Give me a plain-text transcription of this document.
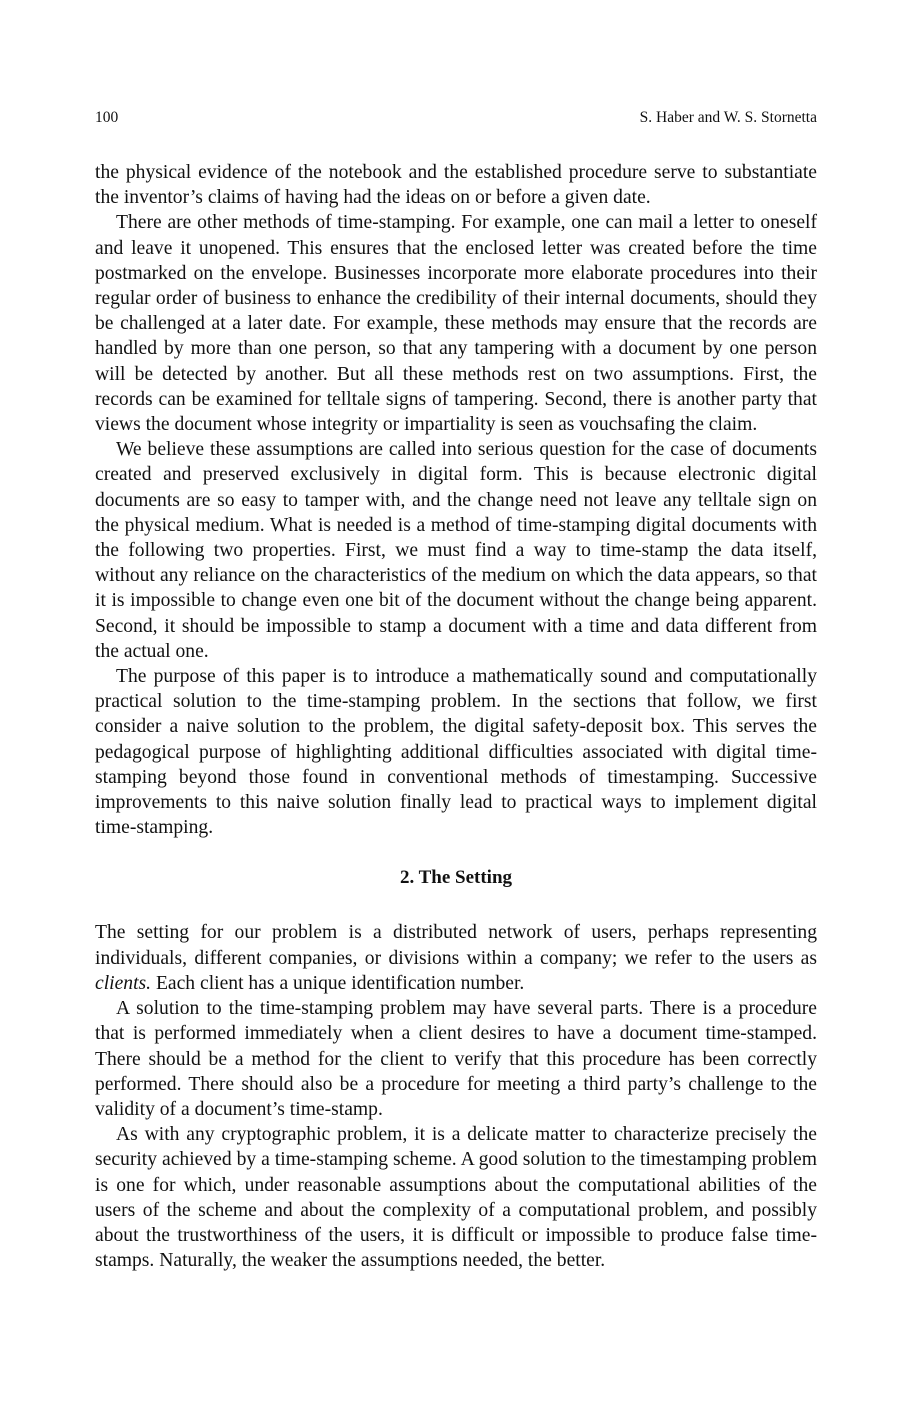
100	S. Haber and W. S. Stornetta

the physical evidence of the notebook and the established procedure serve to substantiate the inventor’s claims of having had the ideas on or before a given date.

There are other methods of time-stamping. For example, one can mail a letter to oneself and leave it unopened. This ensures that the enclosed letter was created before the time postmarked on the envelope. Businesses incorporate more elaborate procedures into their regular order of business to enhance the credibility of their internal documents, should they be challenged at a later date. For example, these methods may ensure that the records are handled by more than one person, so that any tampering with a document by one person will be detected by another. But all these methods rest on two assumptions. First, the records can be examined for telltale signs of tampering. Second, there is another party that views the document whose integrity or impartiality is seen as vouchsafing the claim.

We believe these assumptions are called into serious question for the case of documents created and preserved exclusively in digital form. This is because electronic digital documents are so easy to tamper with, and the change need not leave any telltale sign on the physical medium. What is needed is a method of time-stamping digital documents with the following two properties. First, we must find a way to time-stamp the data itself, without any reliance on the characteristics of the medium on which the data appears, so that it is impossible to change even one bit of the document without the change being apparent. Second, it should be impossible to stamp a document with a time and data different from the actual one.

The purpose of this paper is to introduce a mathematically sound and computationally practical solution to the time-stamping problem. In the sections that follow, we first consider a naive solution to the problem, the digital safety-deposit box. This serves the pedagogical purpose of highlighting additional difficulties associated with digital time-stamping beyond those found in conventional methods of timestamping. Successive improvements to this naive solution finally lead to practical ways to implement digital time-stamping.

2. The Setting

The setting for our problem is a distributed network of users, perhaps representing individuals, different companies, or divisions within a company; we refer to the users as clients. Each client has a unique identification number.

A solution to the time-stamping problem may have several parts. There is a procedure that is performed immediately when a client desires to have a document time-stamped. There should be a method for the client to verify that this procedure has been correctly performed. There should also be a procedure for meeting a third party’s challenge to the validity of a document’s time-stamp.

As with any cryptographic problem, it is a delicate matter to characterize precisely the security achieved by a time-stamping scheme. A good solution to the timestamping problem is one for which, under reasonable assumptions about the computational abilities of the users of the scheme and about the complexity of a computational problem, and possibly about the trustworthiness of the users, it is difficult or impossible to produce false time-stamps. Naturally, the weaker the assumptions needed, the better.
